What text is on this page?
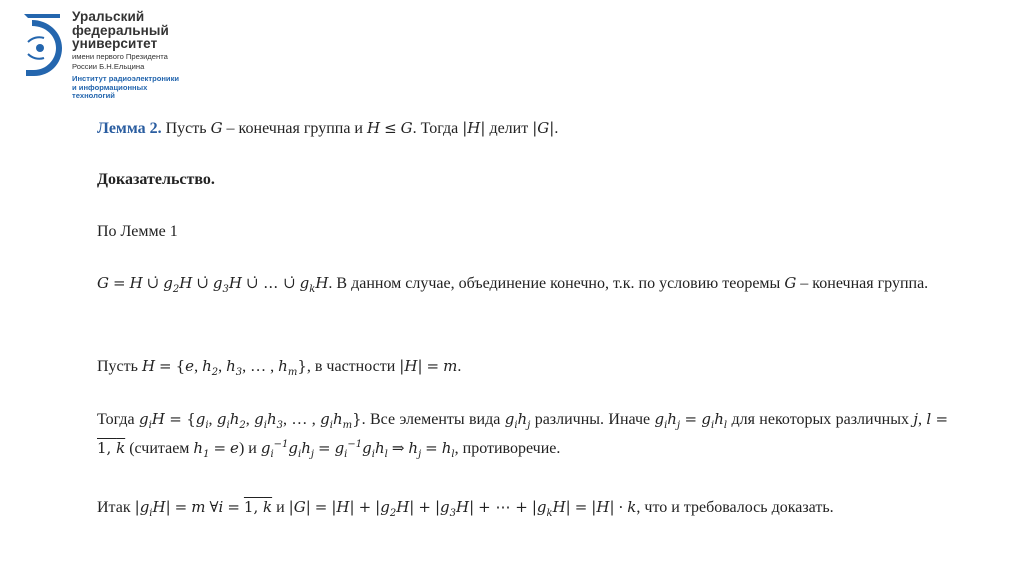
Уральский
федеральный
университет
имени первого Президента
России Б.Н.Ельцина
Институт радиоэлектроники
и информационных
технологий
Лемма 2. Пусть G – конечная группа и H ≤ G. Тогда |H| делит |G|.
Доказательство.
По Лемме 1
G = H ∪̇ $g_2H$ ∪̇ $g_3H$ ∪̇ … ∪̇ $g_kH$. В данном случае, объединение конечно, т.к. по условию теоремы G – конечная группа.
Пусть H = {e, $h_2$, $h_3$, … , $h_m$}, в частности |H| = m.
Тогда $g_iH = \{g_i$, $g_ih_2$, $g_ih_3$, … , $g_ih_m$}. Все элементы вида $g_ih_j$ различны. Иначе $g_ih_j = g_ih_l$ для некоторых различных j, l = 1, k (считаем $h_1 = e$) и $g_i^{-1}g_ih_j = g_i^{-1}g_ih_l$ ⇒ $h_j = h_l$, противоречие.
Итак $|g_iH| = m$ ∀i = 1, k и $|G| = |H| + |g_2H| + |g_3H|$ + ⋯ + $|g_kH| = |H| \cdot k$, что и требовалось доказать.
